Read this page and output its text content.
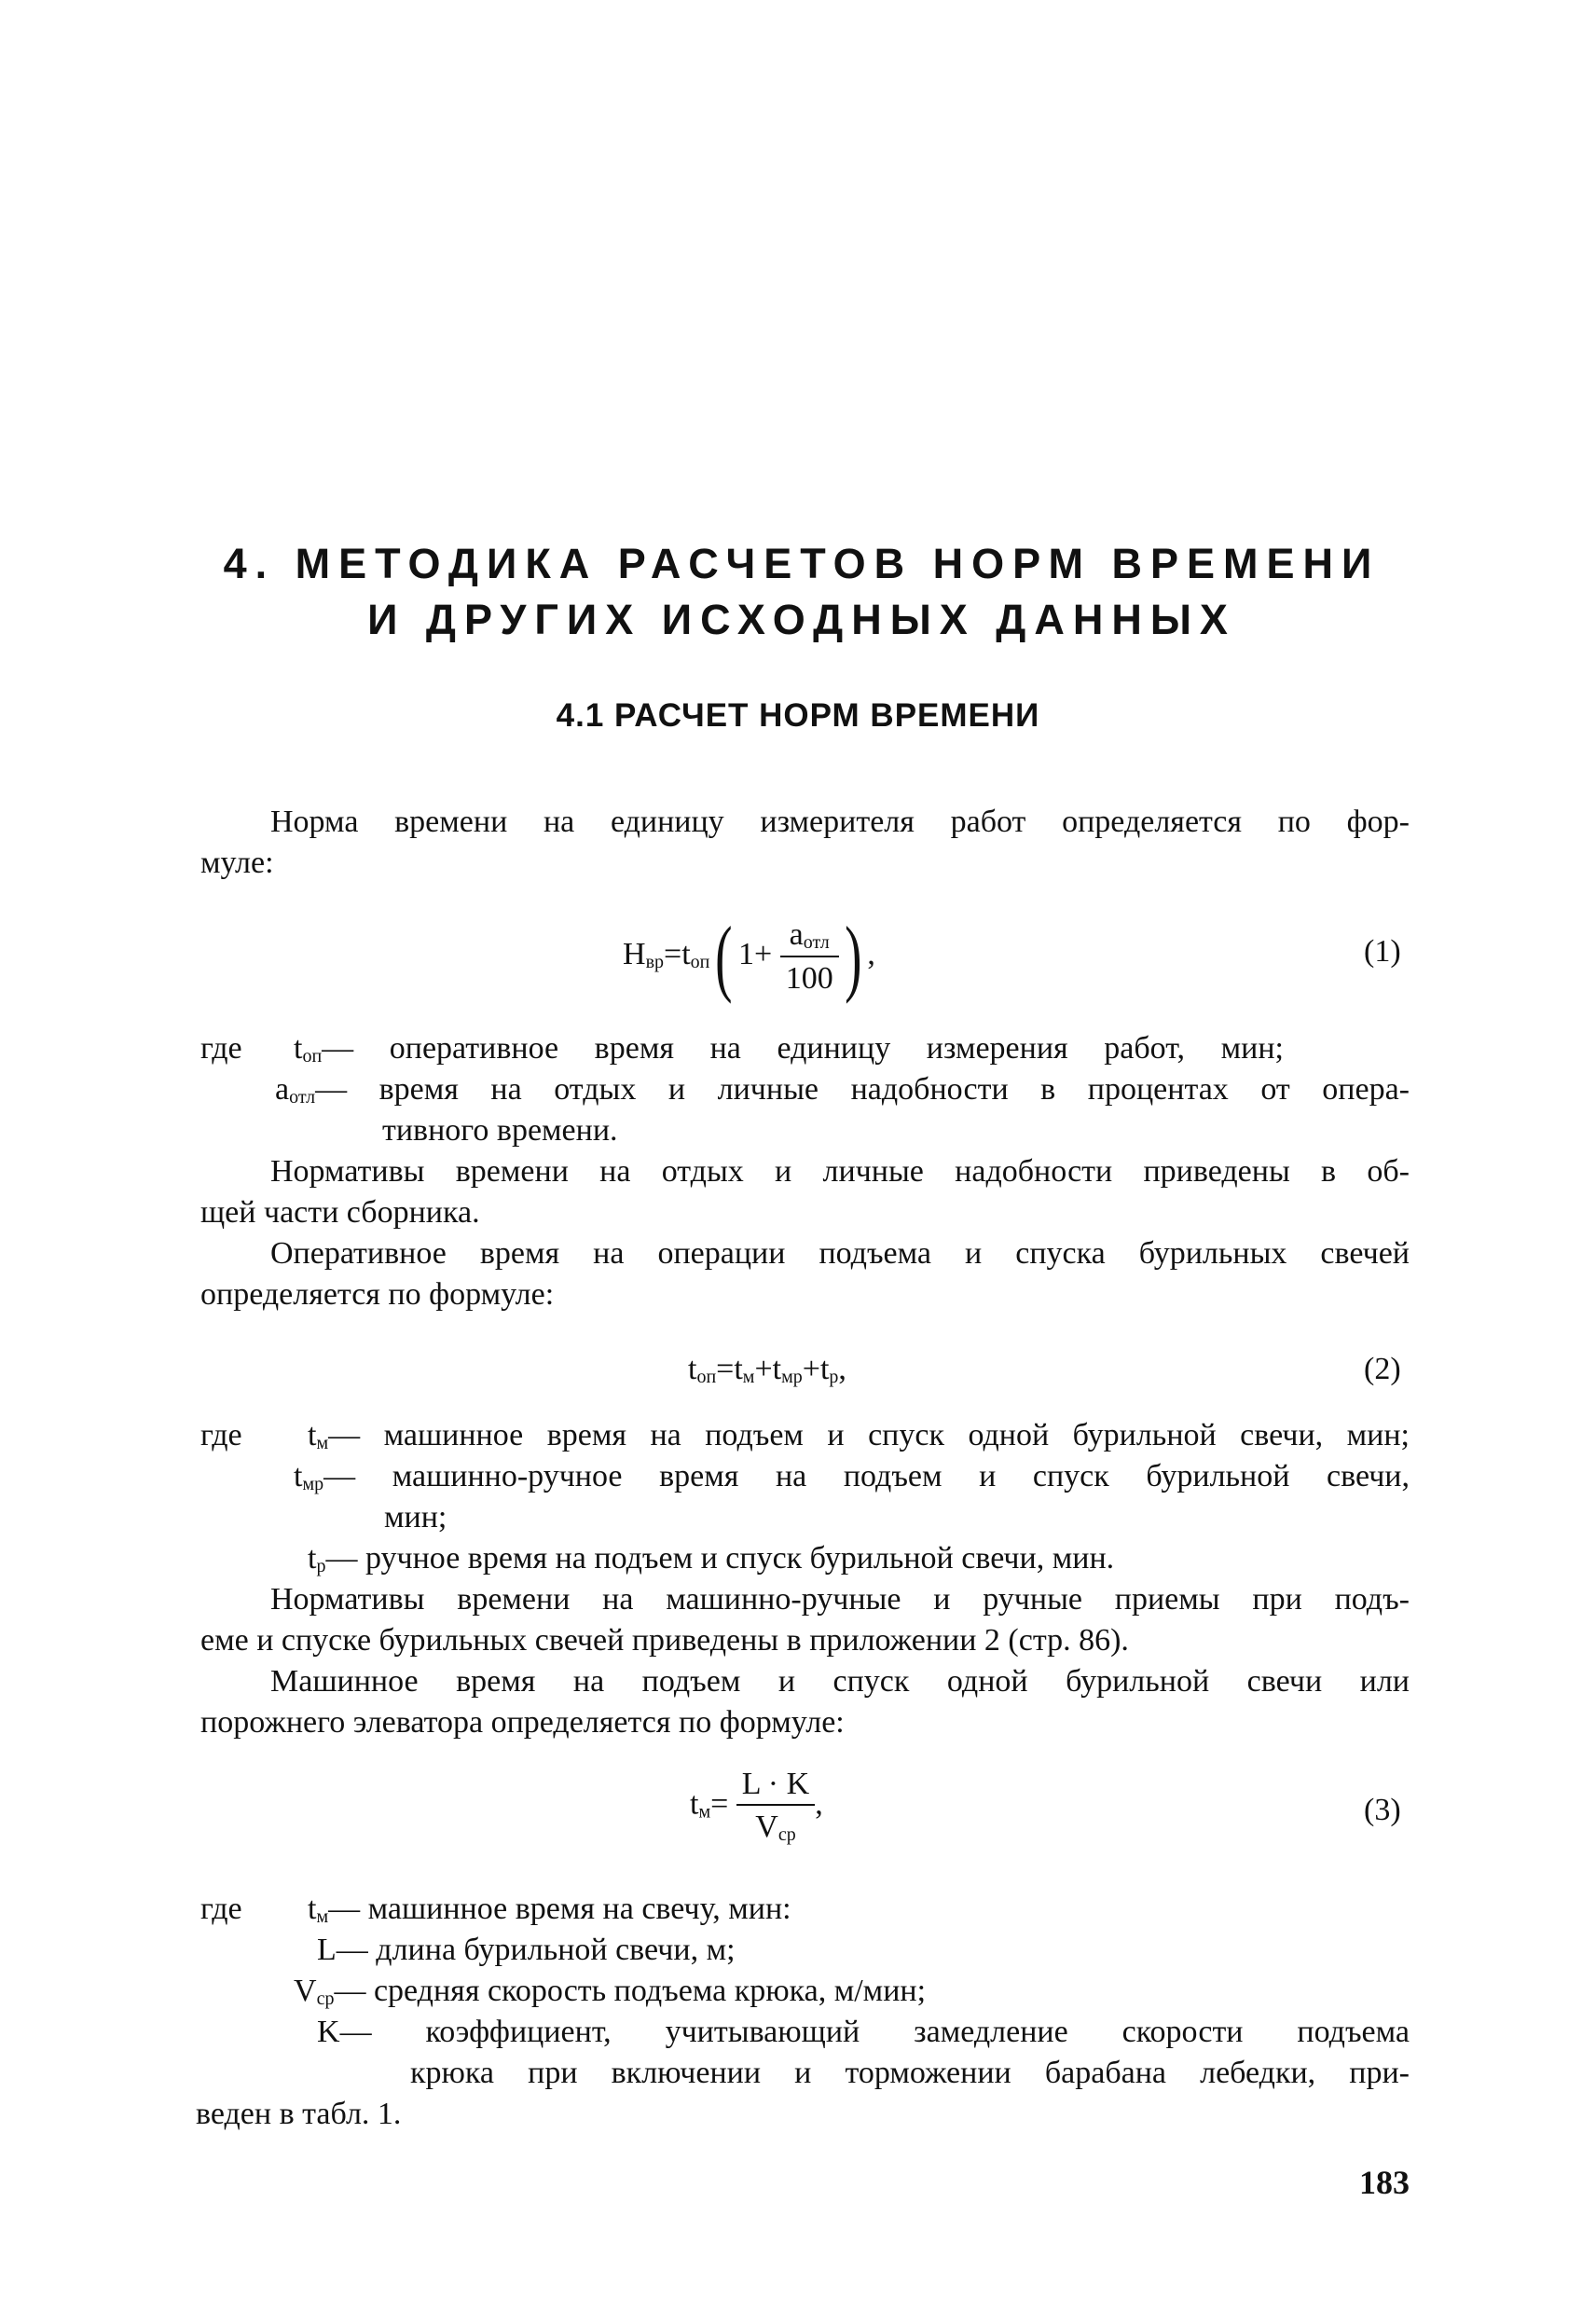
4. МЕТОДИКА РАСЧЕТОВ НОРМ ВРЕМЕНИ
И ДРУГИХ ИСХОДНЫХ ДАННЫХ
4.1 РАСЧЕТ НОРМ ВРЕМЕНИ
Норма времени на единицу измерителя работ определяется по фор-
муле:
$Н_{вр}=t_{оп}$( $1+ \frac{a_{отл}}{100}$ ) ,	(1)
где $t_{оп}—$ оперативное время на единицу измерения работ, мин;
$a_{отл}—$ время на отдых и личные надобности в процентах от опера-
тивного времени.
Нормативы времени на отдых и личные надобности приведены в об-
щей части сборника.
Оперативное время на операции подъема и спуска бурильных свечей
определяется по формуле:
$t_{оп}=t_м+t_{мр}+t_р$,	(2)
где $t_м—$ машинное время на подъем и спуск одной бурильной свечи, мин;
$t_{мр}—$ машинно-ручное время на подъем и спуск бурильной свечи,
мин;
$t_р—$ ручное время на подъем и спуск бурильной свечи, мин.
Нормативы времени на машинно-ручные и ручные приемы при подъ-
еме и спуске бурильных свечей приведены в приложении 2 (стр. 86).
Машинное время на подъем и спуск одной бурильной свечи или
порожнего элеватора определяется по формуле:
$t_м= \frac{L \cdot K}{V_{ср}}$ ,	(3)
где $t_м—$ машинное время на свечу, мин:
L— длина бурильной свечи, м;
$V_{ср}—$ средняя скорость подъема крюка, м/мин;
K— коэффициент, учитывающий замедление скорости подъема
крюка при включении и торможении барабана лебедки, при-
веден в табл. 1.
183
